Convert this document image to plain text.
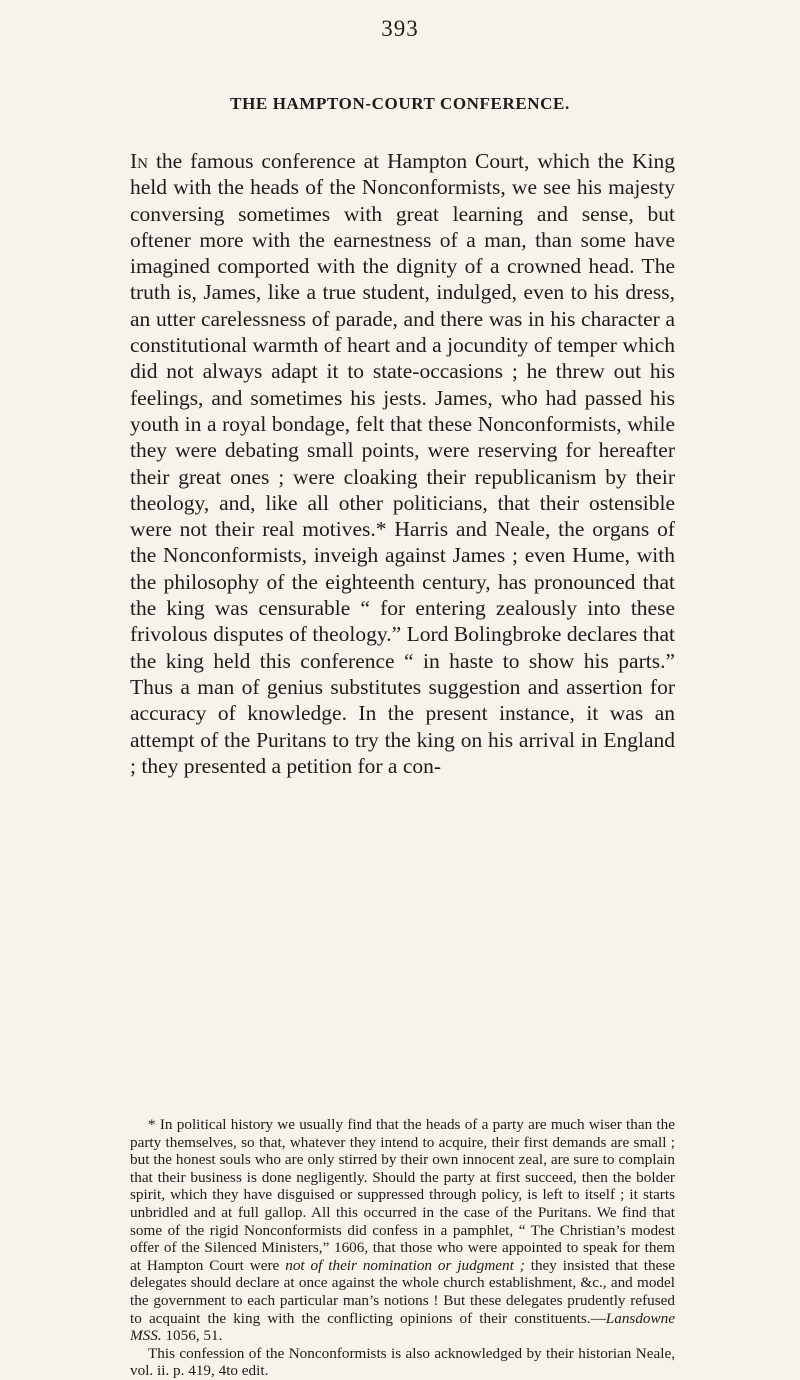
393
THE HAMPTON-COURT CONFERENCE.

In the famous conference at Hampton Court, which the King held with the heads of the Nonconformists, we see his majesty conversing sometimes with great learning and sense, but oftener more with the earnestness of a man, than some have imagined comported with the dignity of a crowned head. The truth is, James, like a true student, indulged, even to his dress, an utter carelessness of parade, and there was in his character a constitutional warmth of heart and a jocundity of temper which did not always adapt it to state-occasions ; he threw out his feelings, and sometimes his jests. James, who had passed his youth in a royal bondage, felt that these Nonconformists, while they were debating small points, were reserving for hereafter their great ones ; were cloaking their republicanism by their theology, and, like all other politicians, that their ostensible were not their real motives.* Harris and Neale, the organs of the Nonconformists, inveigh against James ; even Hume, with the philosophy of the eighteenth century, has pronounced that the king was censurable “ for entering zealously into these frivolous disputes of theology.” Lord Bolingbroke declares that the king held this conference “ in haste to show his parts.” Thus a man of genius substitutes suggestion and assertion for accuracy of knowledge. In the present instance, it was an attempt of the Puritans to try the king on his arrival in England ; they presented a petition for a con-

* In political history we usually find that the heads of a party are much wiser than the party themselves, so that, whatever they intend to acquire, their first demands are small ; but the honest souls who are only stirred by their own innocent zeal, are sure to complain that their business is done negligently. Should the party at first succeed, then the bolder spirit, which they have disguised or suppressed through policy, is left to itself ; it starts unbridled and at full gallop. All this occurred in the case of the Puritans. We find that some of the rigid Nonconformists did confess in a pamphlet, “ The Christian’s modest offer of the Silenced Ministers,” 1606, that those who were appointed to speak for them at Hampton Court were not of their nomination or judgment ; they insisted that these delegates should declare at once against the whole church establishment, &c., and model the government to each particular man’s notions ! But these delegates prudently refused to acquaint the king with the conflicting opinions of their constituents.—Lansdowne MSS. 1056, 51.

This confession of the Nonconformists is also acknowledged by their historian Neale, vol. ii. p. 419, 4to edit.
